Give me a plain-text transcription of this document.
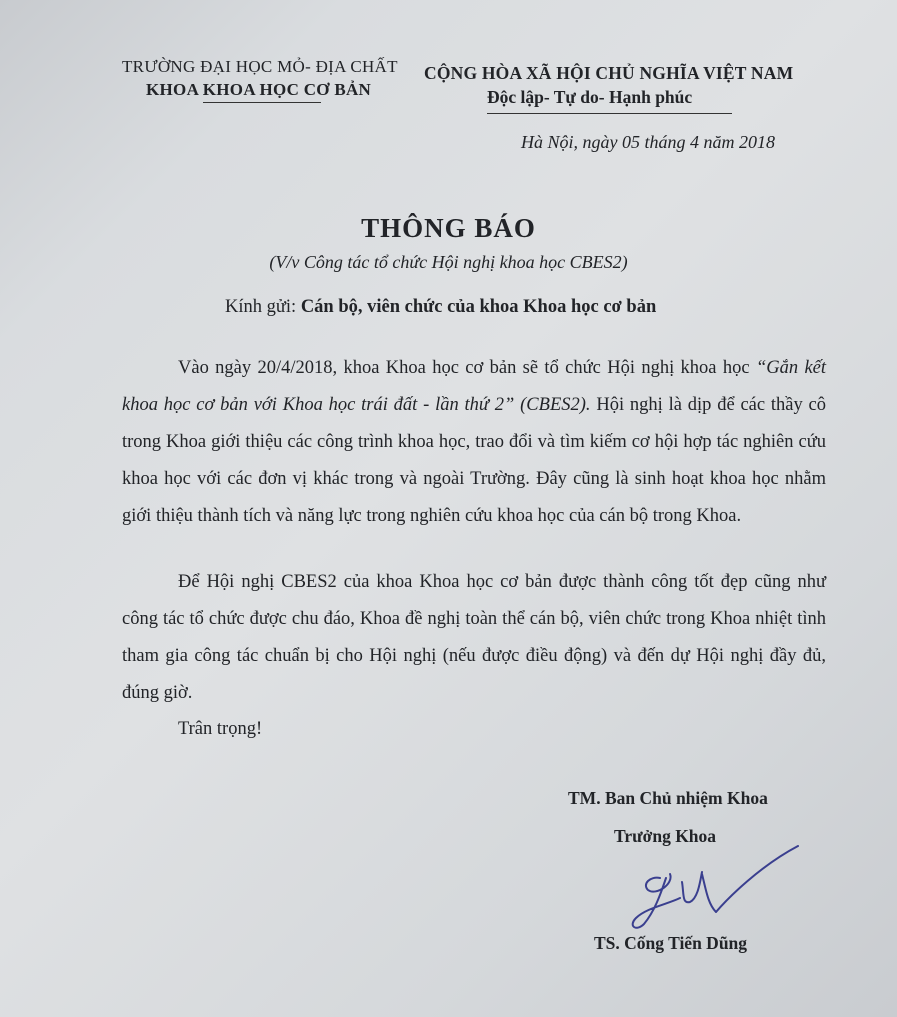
TRƯỜNG ĐẠI HỌC MỎ- ĐỊA CHẤT
KHOA KHOA HỌC CƠ BẢN
CỘNG HÒA XÃ HỘI CHỦ NGHĨA VIỆT NAM
Độc lập- Tự do- Hạnh phúc
Hà Nội, ngày 05 tháng 4 năm 2018
THÔNG BÁO
(V/v Công tác tổ chức Hội nghị khoa học CBES2)
Kính gửi: Cán bộ, viên chức của khoa Khoa học cơ bản
Vào ngày 20/4/2018, khoa Khoa học cơ bản sẽ tổ chức Hội nghị khoa học “Gắn kết khoa học cơ bản với Khoa học trái đất - lần thứ 2” (CBES2). Hội nghị là dịp để các thầy cô trong Khoa giới thiệu các công trình khoa học, trao đổi và tìm kiếm cơ hội hợp tác nghiên cứu khoa học với các đơn vị khác trong và ngoài Trường. Đây cũng là sinh hoạt khoa học nhằm giới thiệu thành tích và năng lực trong nghiên cứu khoa học của cán bộ trong Khoa.
Để Hội nghị CBES2 của khoa Khoa học cơ bản được thành công tốt đẹp cũng như công tác tổ chức được chu đáo, Khoa đề nghị toàn thể cán bộ, viên chức trong Khoa nhiệt tình tham gia công tác chuẩn bị cho Hội nghị (nếu được điều động) và đến dự Hội nghị đầy đủ, đúng giờ.
Trân trọng!
TM. Ban Chủ nhiệm Khoa
Trưởng Khoa
TS. Cống Tiến Dũng
